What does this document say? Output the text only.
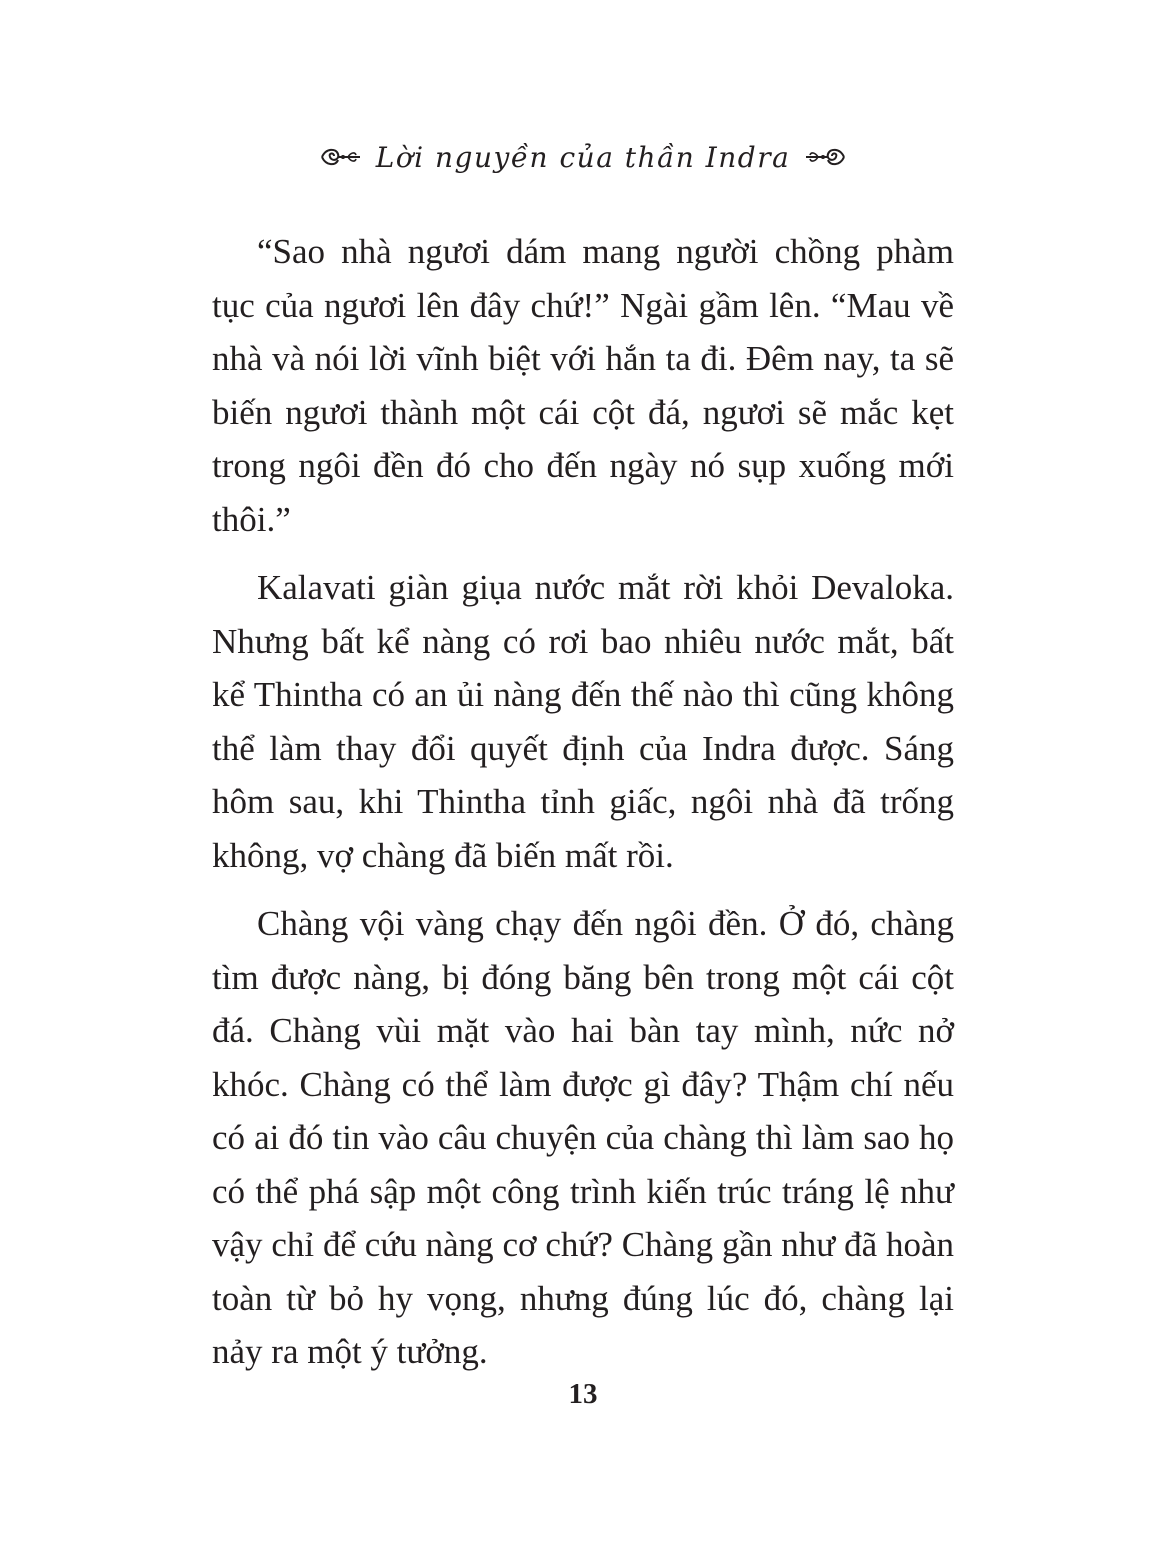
Lời nguyền của thần Indra

“Sao nhà ngươi dám mang người chồng phàm tục của ngươi lên đây chứ!” Ngài gầm lên. “Mau về nhà và nói lời vĩnh biệt với hắn ta đi. Đêm nay, ta sẽ biến ngươi thành một cái cột đá, ngươi sẽ mắc kẹt trong ngôi đền đó cho đến ngày nó sụp xuống mới thôi.”

Kalavati giàn giụa nước mắt rời khỏi Devaloka. Nhưng bất kể nàng có rơi bao nhiêu nước mắt, bất kể Thintha có an ủi nàng đến thế nào thì cũng không thể làm thay đổi quyết định của Indra được. Sáng hôm sau, khi Thintha tỉnh giấc, ngôi nhà đã trống không, vợ chàng đã biến mất rồi.

Chàng vội vàng chạy đến ngôi đền. Ở đó, chàng tìm được nàng, bị đóng băng bên trong một cái cột đá. Chàng vùi mặt vào hai bàn tay mình, nức nở khóc. Chàng có thể làm được gì đây? Thậm chí nếu có ai đó tin vào câu chuyện của chàng thì làm sao họ có thể phá sập một công trình kiến trúc tráng lệ như vậy chỉ để cứu nàng cơ chứ? Chàng gần như đã hoàn toàn từ bỏ hy vọng, nhưng đúng lúc đó, chàng lại nảy ra một ý tưởng.

13
